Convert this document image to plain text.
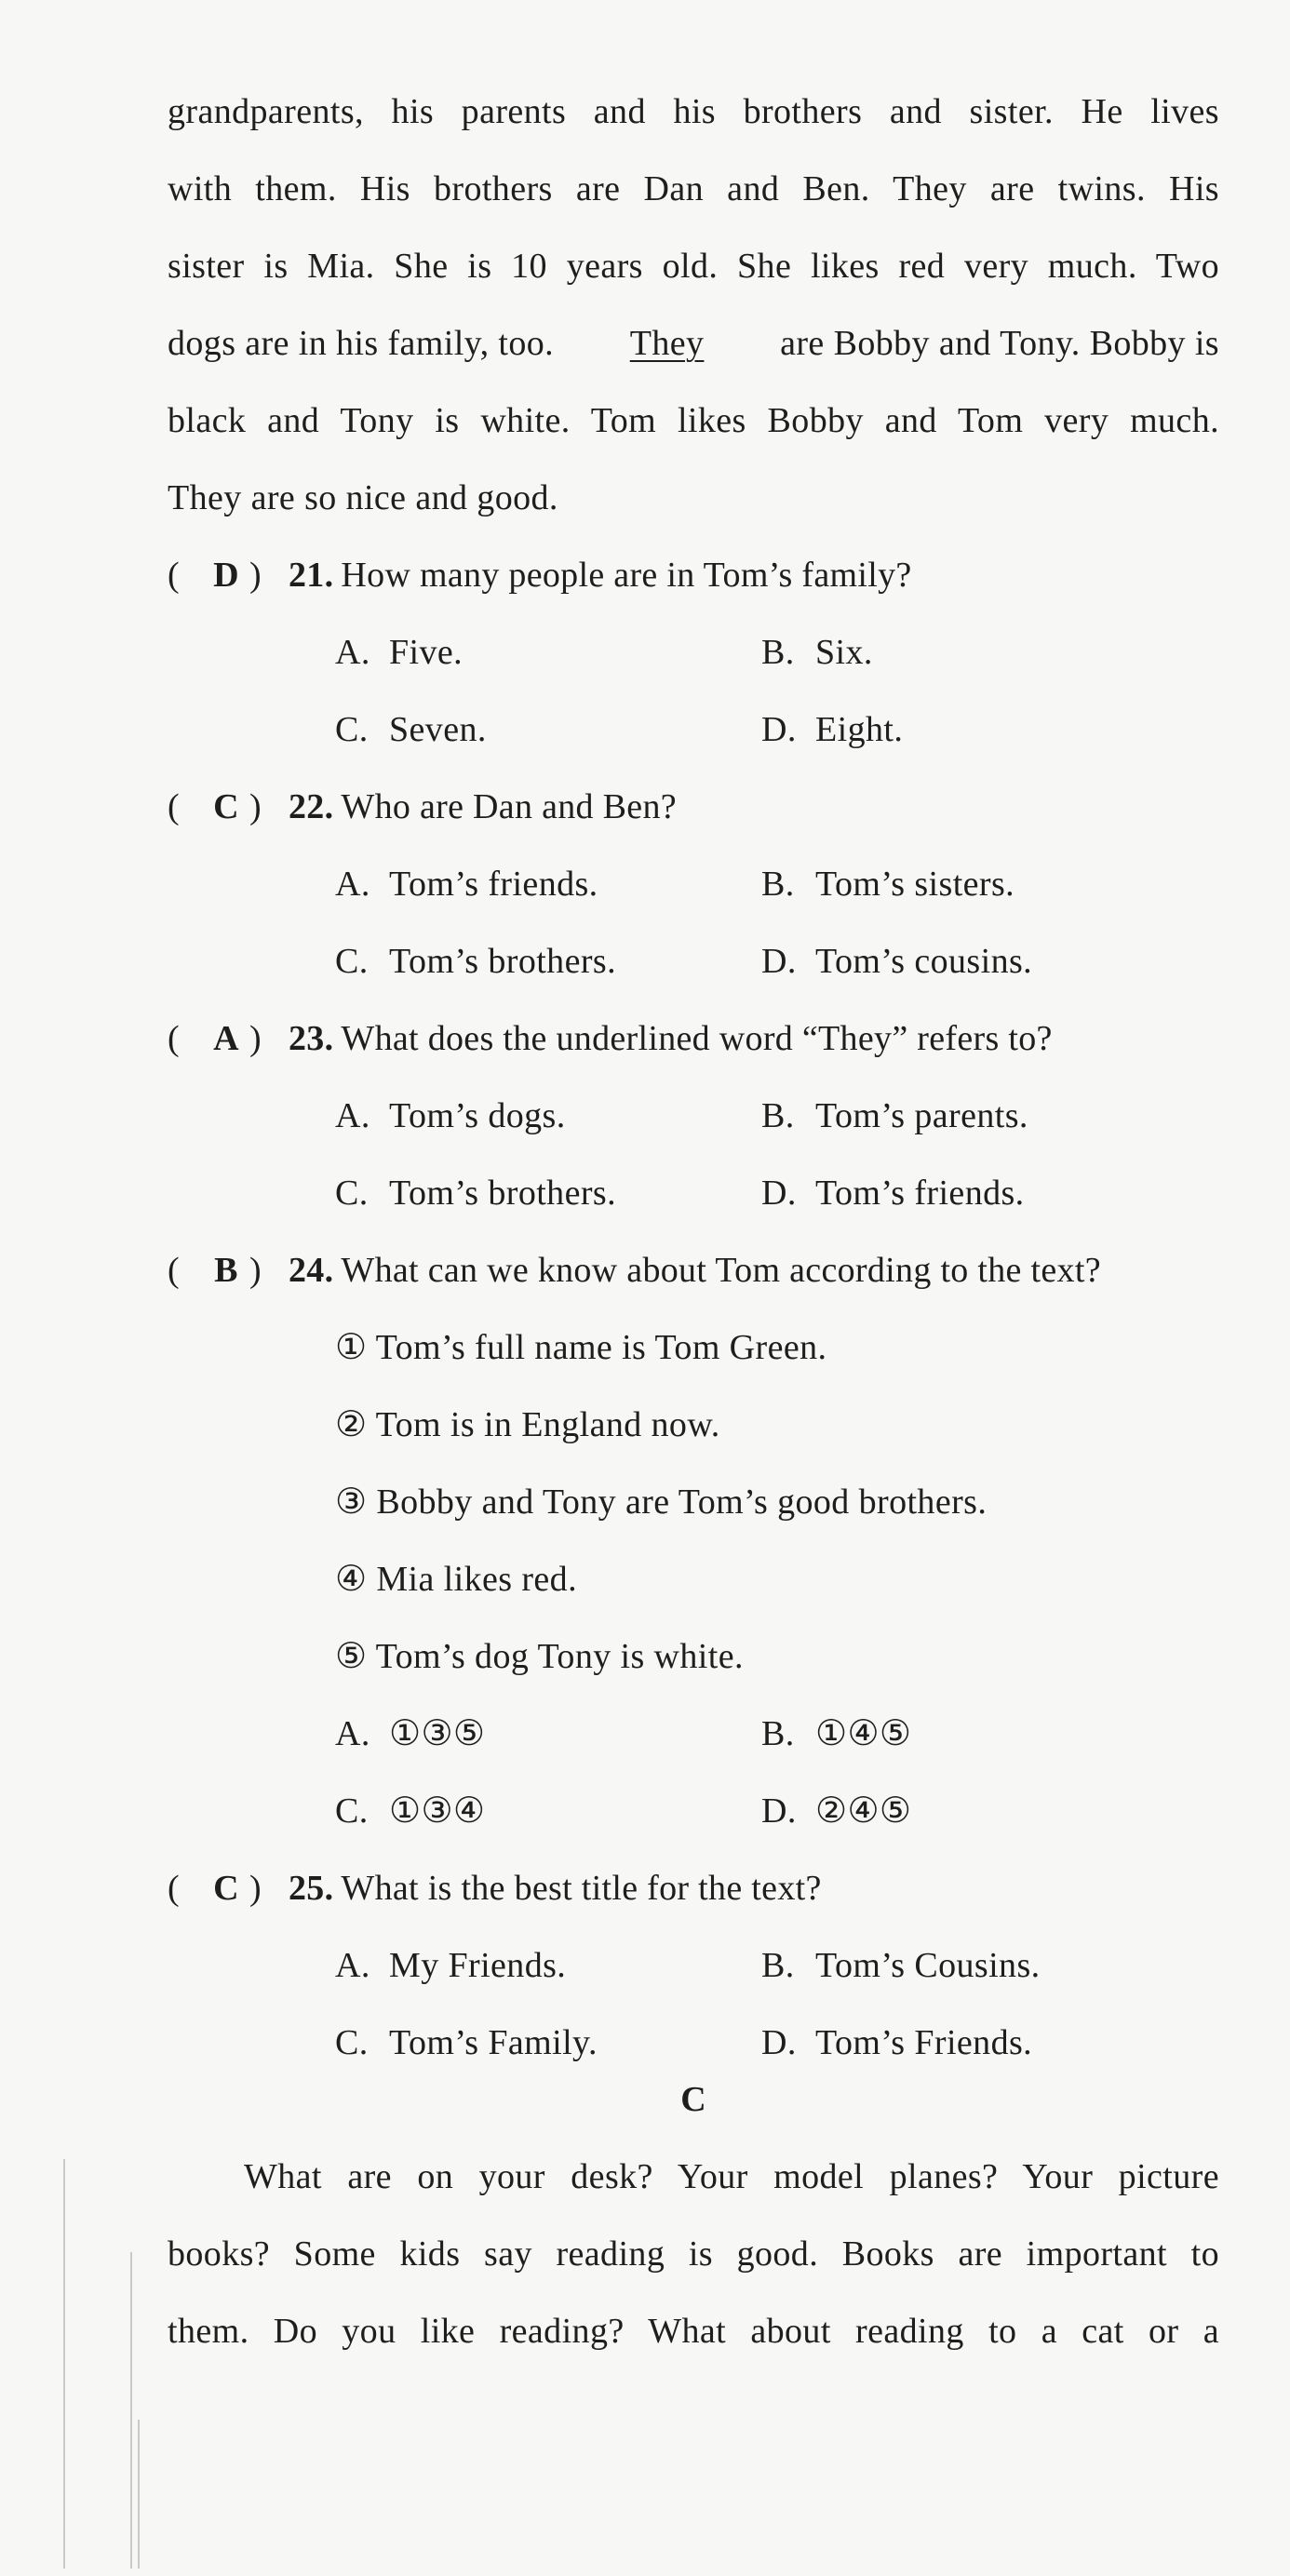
grandparents, his parents and his brothers and sister. He lives
with them. His brothers are Dan and Ben. They are twins. His
sister is Mia. She is 10 years old. She likes red very much. Two
dogs are in his family, too. They are Bobby and Tony. Bobby is
black and Tony is white. Tom likes Bobby and Tom very much.
They are so nice and good.
( D ) 21. How many people are in Tom’s family?
A. Five.	B. Six.
C. Seven.	D. Eight.
( C ) 22. Who are Dan and Ben?
A. Tom’s friends.	B. Tom’s sisters.
C. Tom’s brothers.	D. Tom’s cousins.
( A ) 23. What does the underlined word “They” refers to?
A. Tom’s dogs.	B. Tom’s parents.
C. Tom’s brothers.	D. Tom’s friends.
( B ) 24. What can we know about Tom according to the text?
① Tom’s full name is Tom Green.
② Tom is in England now.
③ Bobby and Tony are Tom’s good brothers.
④ Mia likes red.
⑤ Tom’s dog Tony is white.
A. ①③⑤	B. ①④⑤
C. ①③④	D. ②④⑤
( C ) 25. What is the best title for the text?
A. My Friends.	B. Tom’s Cousins.
C. Tom’s Family.	D. Tom’s Friends.
C
What are on your desk? Your model planes? Your picture
books? Some kids say reading is good. Books are important to
them. Do you like reading? What about reading to a cat or a
